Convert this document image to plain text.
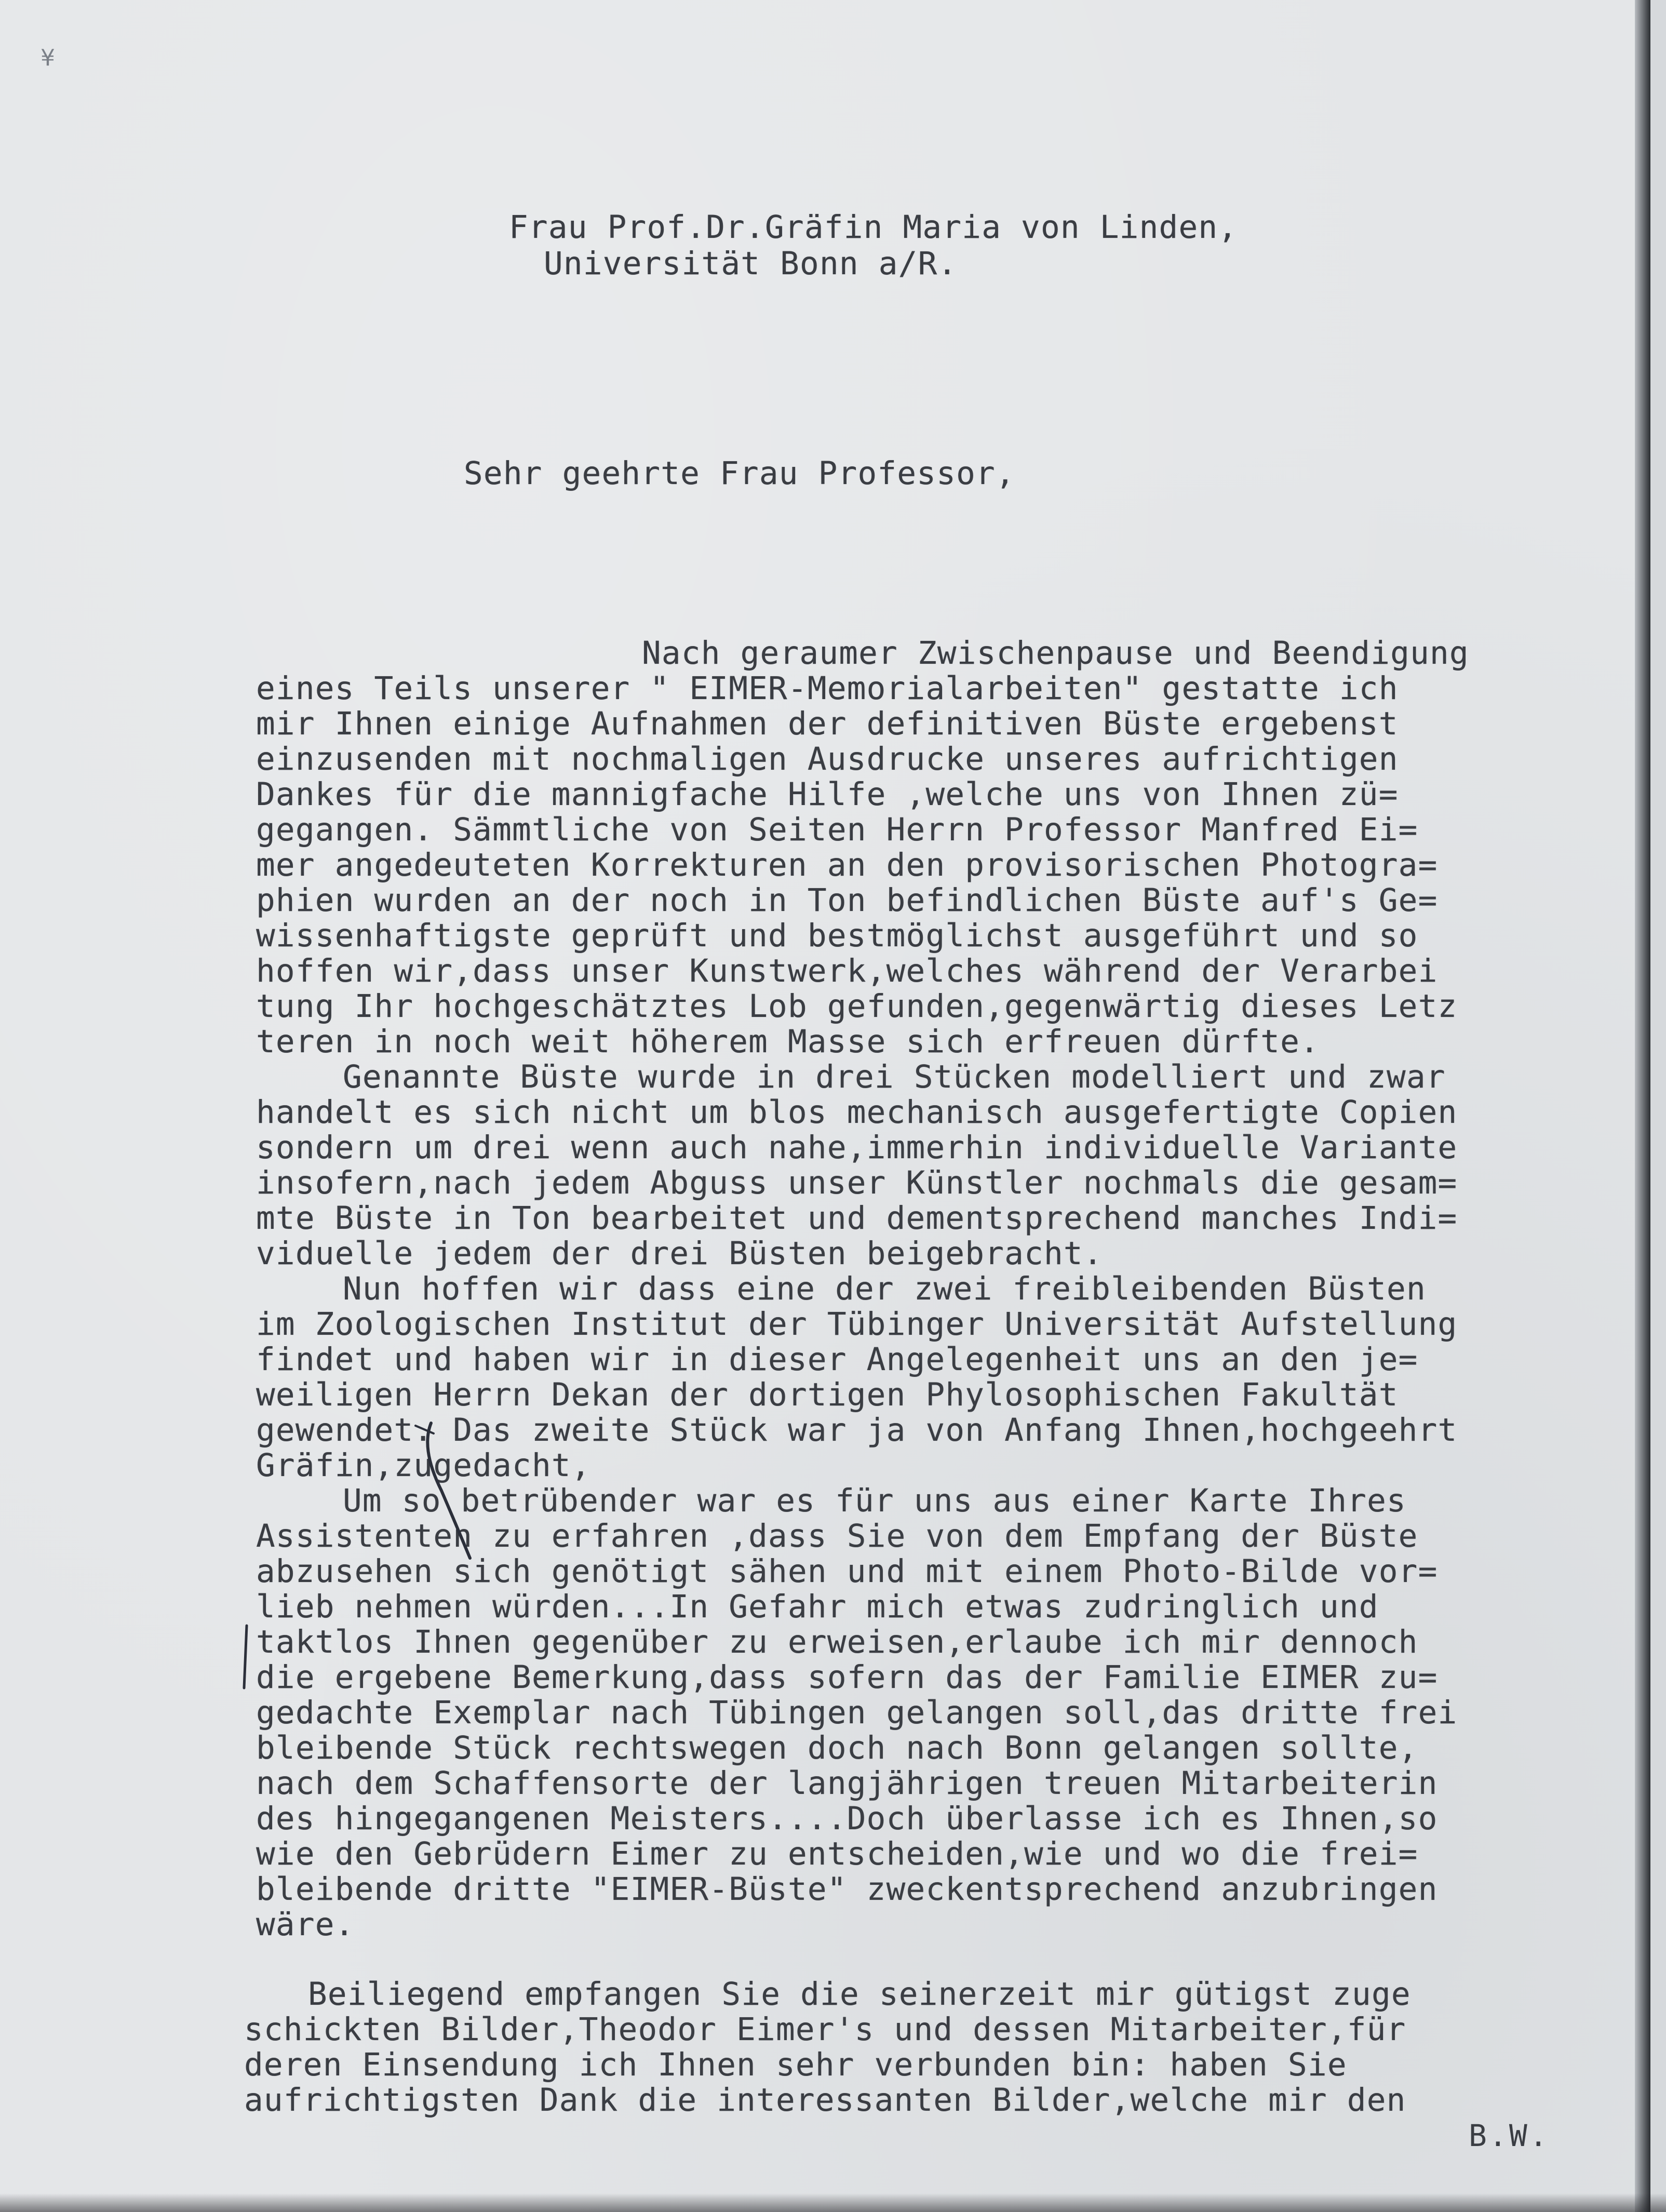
¥
Frau Prof.Dr.Gräfin Maria von Linden,
Universität Bonn a/R.
Sehr geehrte Frau Professor,
Nach geraumer Zwischenpause und Beendigung
eines Teils unserer " EIMER-Memorialarbeiten" gestatte ich
mir Ihnen einige Aufnahmen der definitiven Büste ergebenst
einzusenden mit nochmaligen Ausdrucke unseres aufrichtigen
Dankes für die mannigfache Hilfe ,welche uns von Ihnen zü=
gegangen. Sämmtliche von Seiten Herrn Professor Manfred Ei=
mer angedeuteten Korrekturen an den provisorischen Photogra=
phien wurden an der noch in Ton befindlichen Büste auf's Ge=
wissenhaftigste geprüft und bestmöglichst ausgeführt und so
hoffen wir,dass unser Kunstwerk,welches während der Verarbei
tung Ihr hochgeschätztes Lob gefunden,gegenwärtig dieses Letz
teren in noch weit höherem Masse sich erfreuen dürfte.
Genannte Büste wurde in drei Stücken modelliert und zwar
handelt es sich nicht um blos mechanisch ausgefertigte Copien
sondern um drei wenn auch nahe,immerhin individuelle Variante
insofern,nach jedem Abguss unser Künstler nochmals die gesam=
mte Büste in Ton bearbeitet und dementsprechend manches Indi=
viduelle jedem der drei Büsten beigebracht.
Nun hoffen wir dass eine der zwei freibleibenden Büsten
im Zoologischen Institut der Tübinger Universität Aufstellung
findet und haben wir in dieser Angelegenheit uns an den je=
weiligen Herrn Dekan der dortigen Phylosophischen Fakultät
gewendet. Das zweite Stück war ja von Anfang Ihnen,hochgeehrt
Gräfin,zugedacht,
Um so betrübender war es für uns aus einer Karte Ihres
Assistenten zu erfahren ,dass Sie von dem Empfang der Büste
abzusehen sich genötigt sähen und mit einem Photo-Bilde vor=
lieb nehmen würden...In Gefahr mich etwas zudringlich und
taktlos Ihnen gegenüber zu erweisen,erlaube ich mir dennoch
die ergebene Bemerkung,dass sofern das der Familie EIMER zu=
gedachte Exemplar nach Tübingen gelangen soll,das dritte frei
bleibende Stück rechtswegen doch nach Bonn gelangen sollte,
nach dem Schaffensorte der langjährigen treuen Mitarbeiterin
des hingegangenen Meisters....Doch überlasse ich es Ihnen,so
wie den Gebrüdern Eimer zu entscheiden,wie und wo die frei=
bleibende dritte "EIMER-Büste" zweckentsprechend anzubringen
wäre.
Beiliegend empfangen Sie die seinerzeit mir gütigst zuge
schickten Bilder,Theodor Eimer's und dessen Mitarbeiter,für
deren Einsendung ich Ihnen sehr verbunden bin: haben Sie
aufrichtigsten Dank die interessanten Bilder,welche mir den
B.W.
